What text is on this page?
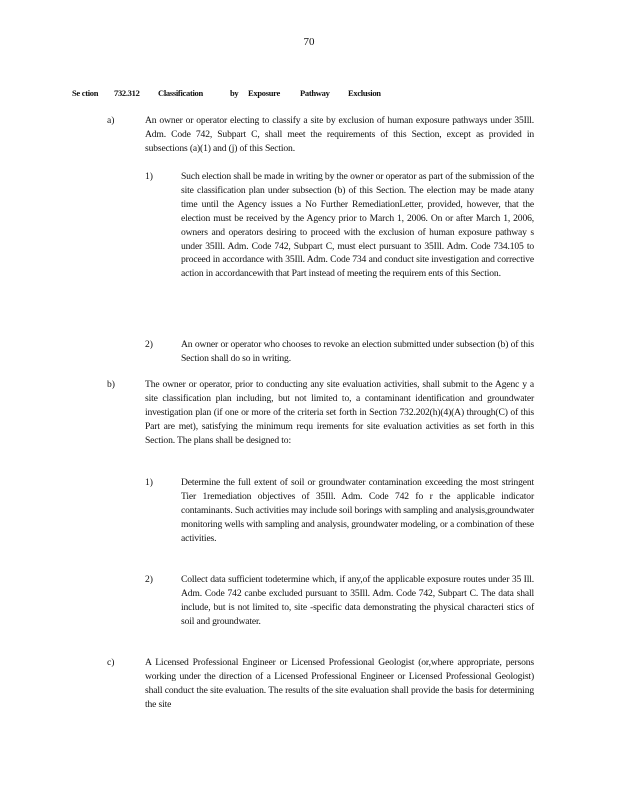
70
Se ction 732.312 Classification	by Exposure Pathway Exclusion
a)	An owner or operator electing to classify a site by exclusion of human exposure pathways under 35Ill. Adm. Code 742, Subpart C, shall meet the requirements of this Section, except as provided in subsections (a)(1) and (j) of this Section.
1)	Such election shall be made in writing by the owner or operator as part of the submission of the site classification plan under subsection (b) of this Section. The election may be made atany time until the Agency issues a No Further RemediationLetter, provided, however, that the election must be received by the Agency prior to March 1, 2006. On or after March 1, 2006, owners and operators desiring to proceed with the exclusion of human exposure pathway s under 35Ill. Adm. Code 742, Subpart C, must elect pursuant to 35Ill. Adm. Code 734.105 to proceed in accordance with 35Ill. Adm. Code 734 and conduct site investigation and corrective action in accordancewith that Part instead of meeting the requirem ents of this Section.
2)	An owner or operator who chooses to revoke an election submitted under subsection (b) of this Section shall do so in writing.
b)	The owner or operator, prior to conducting any site evaluation activities, shall submit to the Agenc y a site classification plan including, but not limited to, a contaminant identification and groundwater investigation plan (if one or more of the criteria set forth in Section 732.202(h)(4)(A) through(C) of this Part are met), satisfying the minimum requ irements for site evaluation activities as set forth in this Section. The plans shall be designed to:
1)	Determine the full extent of soil or groundwater contamination exceeding the most stringent Tier 1remediation objectives of 35Ill. Adm. Code 742 fo r the applicable indicator contaminants. Such activities may include soil borings with sampling and analysis,groundwater monitoring wells with sampling and analysis, groundwater modeling, or a combination of these activities.
2)	Collect data sufficient todetermine which, if any,of the applicable exposure routes under 35 Ill. Adm. Code 742 canbe excluded pursuant to 35Ill. Adm. Code 742, Subpart C. The data shall include, but is not limited to, site -specific data demonstrating the physical characteri stics of soil and groundwater.
c)	A Licensed Professional Engineer or Licensed Professional Geologist (or,where appropriate, persons working under the direction of a Licensed Professional Engineer or Licensed Professional Geologist) shall conduct the site evaluation. The results of the site evaluation shall provide the basis for determining the site
